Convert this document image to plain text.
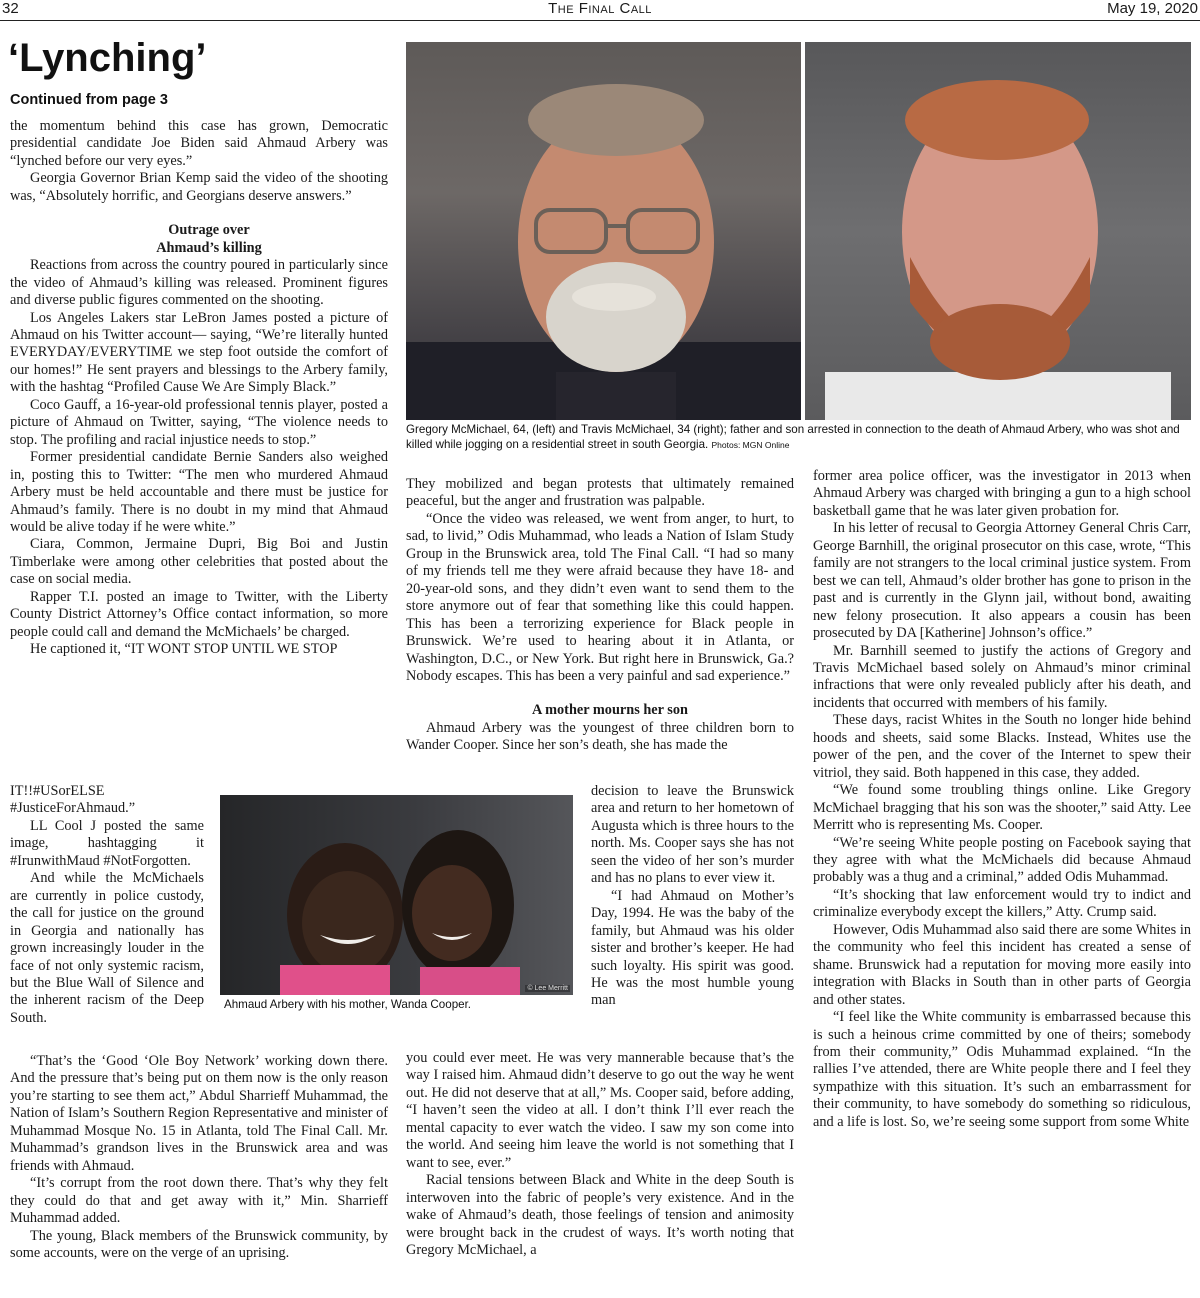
32	The Final Call	May 19, 2020
‘Lynching’
Continued from page 3

the momentum behind this case has grown, Democratic presidential candidate Joe Biden said Ahmaud Arbery was “lynched before our very eyes.”

Georgia Governor Brian Kemp said the video of the shooting was, “Absolutely horrific, and Georgians deserve answers.”

Outrage over

Ahmaud’s killing

Reactions from across the country poured in particularly since the video of Ahmaud’s killing was released. Prominent figures and diverse public figures commented on the shooting.

Los Angeles Lakers star LeBron James posted a picture of Ahmaud on his Twitter account— saying, “We’re literally hunted EVERYDAY/EVERYTIME we step foot outside the comfort of our homes!” He sent prayers and blessings to the Arbery family, with the hashtag “Profiled Cause We Are Simply Black.”

Coco Gauff, a 16-year-old professional tennis player, posted a picture of Ahmaud on Twitter, saying, “The violence needs to stop. The profiling and racial injustice needs to stop.”

Former presidential candidate Bernie Sanders also weighed in, posting this to Twitter: “The men who murdered Ahmaud Arbery must be held accountable and there must be justice for Ahmaud’s family. There is no doubt in my mind that Ahmaud would be alive today if he were white.”

Ciara, Common, Jermaine Dupri, Big Boi and Justin Timberlake were among other celebrities that posted about the case on social media.

Rapper T.I. posted an image to Twitter, with the Liberty County District Attorney’s Office contact information, so more people could call and demand the McMichaels’ be charged.

He captioned it, “IT WONT STOP UNTIL WE STOP

IT!!#USorELSE #JusticeForAhmaud.”

LL Cool J posted the same image, hashtagging it #IrunwithMaud #NotForgotten.

And while the McMichaels are currently in police custody, the call for justice on the ground in Georgia and nationally has grown increasingly louder in the face of not only systemic racism, but the Blue Wall of Silence and the inherent racism of the Deep South.

“That’s the ‘Good ‘Ole Boy Network’ working down there. And the pressure that’s being put on them now is the only reason you’re starting to see them act,” Abdul Sharrieff Muhammad, the Nation of Islam’s Southern Region Representative and minister of Muhammad Mosque No. 15 in Atlanta, told The Final Call. Mr. Muhammad’s grandson lives in the Brunswick area and was friends with Ahmaud.

“It’s corrupt from the root down there. That’s why they felt they could do that and get away with it,” Min. Sharrieff Muhammad added.

The young, Black members of the Brunswick community, by some accounts, were on the verge of an uprising.

Gregory McMichael, 64, (left) and Travis McMichael, 34 (right); father and son arrested in connection to the death of Ahmaud Arbery, who was shot and killed while jogging on a residential street in south Georgia. Photos: MGN Online

They mobilized and began protests that ultimately remained peaceful, but the anger and frustration was palpable.

“Once the video was released, we went from anger, to hurt, to sad, to livid,” Odis Muhammad, who leads a Nation of Islam Study Group in the Brunswick area, told The Final Call. “I had so many of my friends tell me they were afraid because they have 18- and 20-year-old sons, and they didn’t even want to send them to the store anymore out of fear that something like this could happen. This has been a terrorizing experience for Black people in Brunswick. We’re used to hearing about it in Atlanta, or Washington, D.C., or New York. But right here in Brunswick, Ga.? Nobody escapes. This has been a very painful and sad experience.”

A mother mourns her son

Ahmaud Arbery was the youngest of three children born to Wander Cooper. Since her son’s death, she has made the

decision to leave the Brunswick area and return to her hometown of Augusta which is three hours to the north. Ms. Cooper says she has not seen the video of her son’s murder and has no plans to ever view it.

“I had Ahmaud on Mother’s Day, 1994. He was the baby of the family, but Ahmaud was his older sister and brother’s keeper. He had such loyalty. His spirit was good. He was the most humble young man

you could ever meet. He was very mannerable because that’s the way I raised him. Ahmaud didn’t deserve to go out the way he went out. He did not deserve that at all,” Ms. Cooper said, before adding, “I haven’t seen the video at all. I don’t think I’ll ever reach the mental capacity to ever watch the video. I saw my son come into the world. And seeing him leave the world is not something that I want to see, ever.”

Racial tensions between Black and White in the deep South is interwoven into the fabric of people’s very existence. And in the wake of Ahmaud’s death, those feelings of tension and animosity were brought back in the crudest of ways. It’s worth noting that Gregory McMichael, a

© Lee Merritt
Ahmaud Arbery with his mother, Wanda Cooper.

former area police officer, was the investigator in 2013 when Ahmaud Arbery was charged with bringing a gun to a high school basketball game that he was later given probation for.

In his letter of recusal to Georgia Attorney General Chris Carr, George Barnhill, the original prosecutor on this case, wrote, “This family are not strangers to the local criminal justice system. From best we can tell, Ahmaud’s older brother has gone to prison in the past and is currently in the Glynn jail, without bond, awaiting new felony prosecution. It also appears a cousin has been prosecuted by DA [Katherine] Johnson’s office.”

Mr. Barnhill seemed to justify the actions of Gregory and Travis McMichael based solely on Ahmaud’s minor criminal infractions that were only revealed publicly after his death, and incidents that occurred with members of his family.

These days, racist Whites in the South no longer hide behind hoods and sheets, said some Blacks. Instead, Whites use the power of the pen, and the cover of the Internet to spew their vitriol, they said. Both happened in this case, they added.

“We found some troubling things online. Like Gregory McMichael bragging that his son was the shooter,” said Atty. Lee Merritt who is representing Ms. Cooper.

“We’re seeing White people posting on Facebook saying that they agree with what the McMichaels did because Ahmaud probably was a thug and a criminal,” added Odis Muhammad.

“It’s shocking that law enforcement would try to indict and criminalize everybody except the killers,” Atty. Crump said.

However, Odis Muhammad also said there are some Whites in the community who feel this incident has created a sense of shame. Brunswick had a reputation for moving more easily into integration with Blacks in South than in other parts of Georgia and other states.

“I feel like the White community is embarrassed because this is such a heinous crime committed by one of theirs; somebody from their community,” Odis Muhammad explained. “In the rallies I’ve attended, there are White people there and I feel they sympathize with this situation. It’s such an embarrassment for their community, to have somebody do something so ridiculous, and a life is lost. So, we’re seeing some support from some White
